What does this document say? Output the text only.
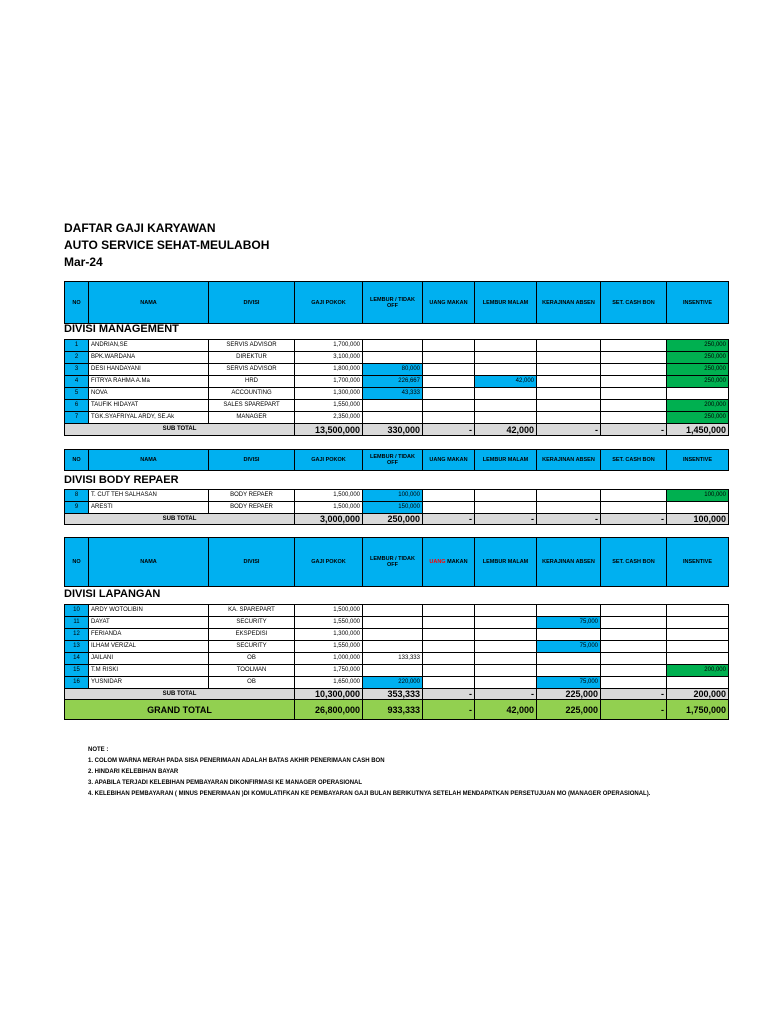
DAFTAR GAJI KARYAWAN
AUTO SERVICE SEHAT-MEULABOH
Mar-24
NO	NAMA	DIVISI	GAJI POKOK	LEMBUR / TIDAK OFF	UANG MAKAN	LEMBUR MALAM	KERAJINAN ABSEN	SET. CASH BON	INSENTIVE
DIVISI MANAGEMENT
1	ANDRIAN,SE	SERVIS ADVISOR	1,700,000						250,000
2	BPK.WARDANA	DIREKTUR	3,100,000						250,000
3	DESI HANDAYANI	SERVIS ADVISOR	1,800,000	80,000					250,000
4	FITRYA RAHMA A.Ma	HRD	1,700,000	226,667		42,000			250,000
5	NOVA	ACCOUNTING	1,300,000	43,333					
6	TAUFIK HIDAYAT	SALES SPAREPART	1,550,000						200,000
7	TGK.SYAFRIYAL ARDY, SE.Ak	MANAGER	2,350,000						250,000
SUB TOTAL			13,500,000	330,000	-	42,000	-	-	1,450,000
NO	NAMA	DIVISI	GAJI POKOK	LEMBUR / TIDAK OFF	UANG MAKAN	LEMBUR MALAM	KERAJINAN ABSEN	SET. CASH BON	INSENTIVE
DIVISI BODY REPAER
8	T. CUT TEH SALHASAN	BODY REPAER	1,500,000	100,000					100,000
9	ARESTI	BODY REPAER	1,500,000	150,000					
SUB TOTAL			3,000,000	250,000	-	-	-	-	100,000
NO	NAMA	DIVISI	GAJI POKOK	LEMBUR / TIDAK OFF	UANG MAKAN	LEMBUR MALAM	KERAJINAN ABSEN	SET. CASH BON	INSENTIVE
DIVISI LAPANGAN
10	ARDY WOTOLIBIN	KA. SPAREPART	1,500,000						
11	DAYAT	SECURITY	1,550,000				75,000		
12	FERIANDA	EKSPEDISI	1,300,000						
13	ILHAM VERIZAL	SECURITY	1,550,000				75,000		
14	JAILANI	OB	1,000,000	133,333					
15	T.M RISKI	TOOLMAN	1,750,000						200,000
16	YUSNIDAR	OB	1,650,000	220,000			75,000		
SUB TOTAL			10,300,000	353,333	-	-	225,000	-	200,000
GRAND TOTAL			26,800,000	933,333	-	42,000	225,000	-	1,750,000
NOTE :
1. COLOM WARNA MERAH PADA SISA PENERIMAAN ADALAH BATAS AKHIR PENERIMAAN CASH BON
2. HINDARI KELEBIHAN BAYAR
3. APABILA TERJADI KELEBIHAN PEMBAYARAN DIKONFIRMASI KE MANAGER OPERASIONAL
4. KELEBIHAN PEMBAYARAN ( MINUS PENERIMAAN )DI KOMULATIFKAN KE PEMBAYARAN GAJI BULAN BERIKUTNYA SETELAH MENDAPATKAN PERSETUJUAN MO (MANAGER OPERASIONAL).
